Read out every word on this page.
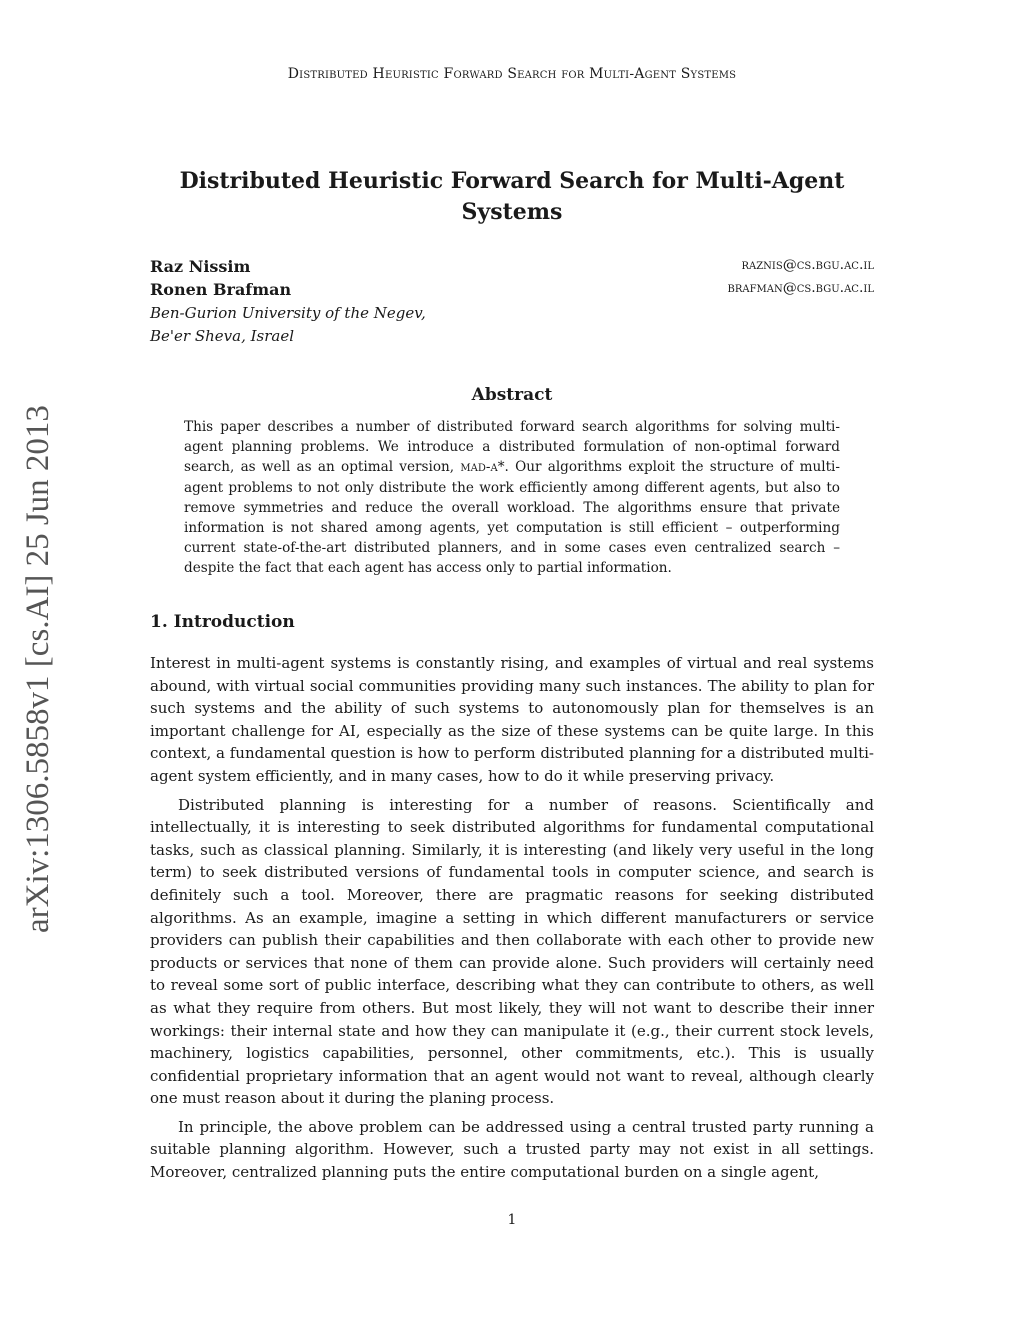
Distributed Heuristic Forward Search for Multi-Agent Systems
Distributed Heuristic Forward Search for Multi-Agent Systems
Raz Nissim	raznis@cs.bgu.ac.il
Ronen Brafman	brafman@cs.bgu.ac.il
Ben-Gurion University of the Negev,
Be'er Sheva, Israel
arXiv:1306.5858v1 [cs.AI] 25 Jun 2013
Abstract

This paper describes a number of distributed forward search algorithms for solving multi-agent planning problems. We introduce a distributed formulation of non-optimal forward search, as well as an optimal version, mad-a*. Our algorithms exploit the structure of multi-agent problems to not only distribute the work efficiently among different agents, but also to remove symmetries and reduce the overall workload. The algorithms ensure that private information is not shared among agents, yet computation is still efficient – outperforming current state-of-the-art distributed planners, and in some cases even centralized search – despite the fact that each agent has access only to partial information.

1. Introduction

Interest in multi-agent systems is constantly rising, and examples of virtual and real systems abound, with virtual social communities providing many such instances. The ability to plan for such systems and the ability of such systems to autonomously plan for themselves is an important challenge for AI, especially as the size of these systems can be quite large. In this context, a fundamental question is how to perform distributed planning for a distributed multi-agent system efficiently, and in many cases, how to do it while preserving privacy.

Distributed planning is interesting for a number of reasons. Scientifically and intellectually, it is interesting to seek distributed algorithms for fundamental computational tasks, such as classical planning. Similarly, it is interesting (and likely very useful in the long term) to seek distributed versions of fundamental tools in computer science, and search is definitely such a tool. Moreover, there are pragmatic reasons for seeking distributed algorithms. As an example, imagine a setting in which different manufacturers or service providers can publish their capabilities and then collaborate with each other to provide new products or services that none of them can provide alone. Such providers will certainly need to reveal some sort of public interface, describing what they can contribute to others, as well as what they require from others. But most likely, they will not want to describe their inner workings: their internal state and how they can manipulate it (e.g., their current stock levels, machinery, logistics capabilities, personnel, other commitments, etc.). This is usually confidential proprietary information that an agent would not want to reveal, although clearly one must reason about it during the planing process.

In principle, the above problem can be addressed using a central trusted party running a suitable planning algorithm. However, such a trusted party may not exist in all settings. Moreover, centralized planning puts the entire computational burden on a single agent,

1
